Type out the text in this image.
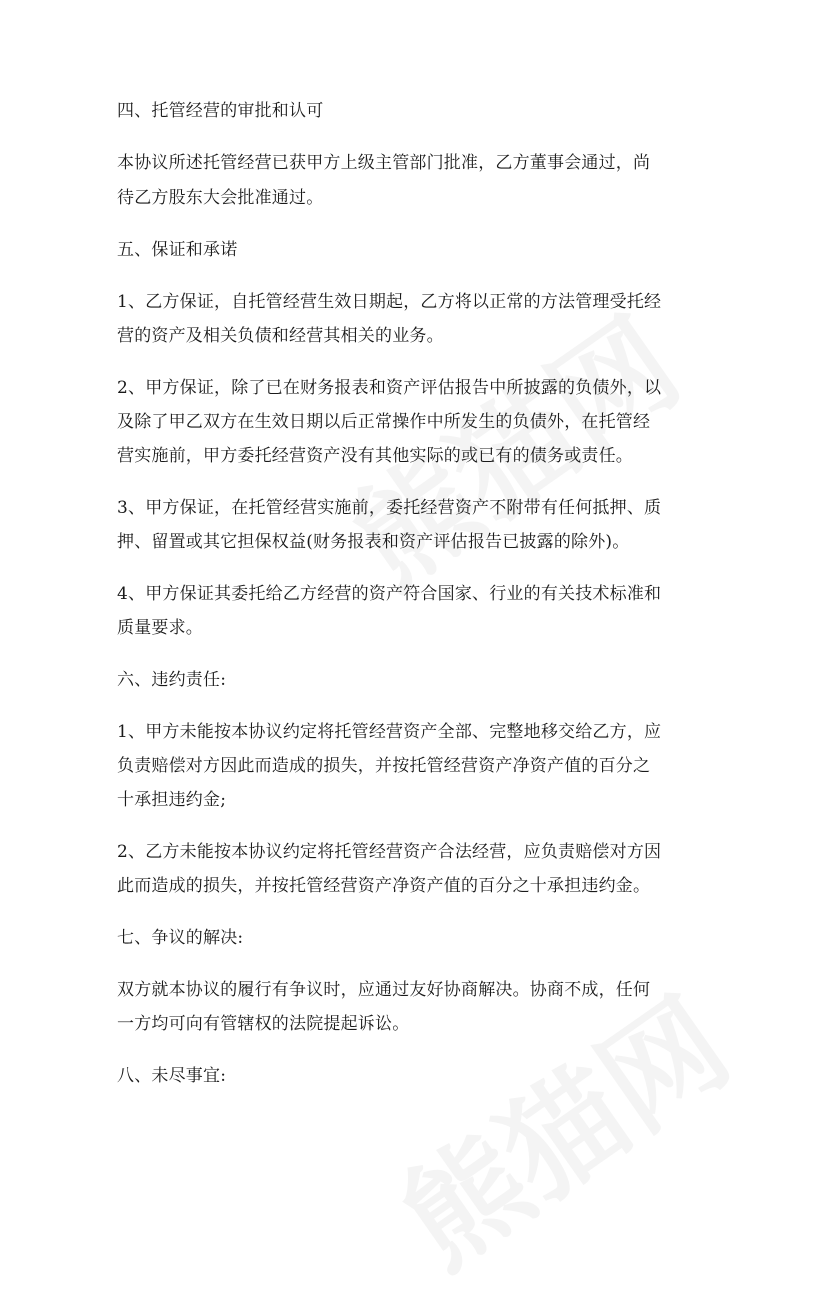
四、托管经营的审批和认可
本协议所述托管经营已获甲方上级主管部门批准，乙方董事会通过，尚
待乙方股东大会批准通过。
五、保证和承诺
1、乙方保证，自托管经营生效日期起，乙方将以正常的方法管理受托经
营的资产及相关负债和经营其相关的业务。
2、甲方保证，除了已在财务报表和资产评估报告中所披露的负债外，以
及除了甲乙双方在生效日期以后正常操作中所发生的负债外，在托管经
营实施前，甲方委托经营资产没有其他实际的或已有的债务或责任。
3、甲方保证，在托管经营实施前，委托经营资产不附带有任何抵押、质
押、留置或其它担保权益(财务报表和资产评估报告已披露的除外)。
4、甲方保证其委托给乙方经营的资产符合国家、行业的有关技术标准和
质量要求。
六、违约责任:
1、甲方未能按本协议约定将托管经营资产全部、完整地移交给乙方，应
负责赔偿对方因此而造成的损失，并按托管经营资产净资产值的百分之
十承担违约金;
2、乙方未能按本协议约定将托管经营资产合法经营，应负责赔偿对方因
此而造成的损失，并按托管经营资产净资产值的百分之十承担违约金。
七、争议的解决:
双方就本协议的履行有争议时，应通过友好协商解决。协商不成，任何
一方均可向有管辖权的法院提起诉讼。
八、未尽事宜:
